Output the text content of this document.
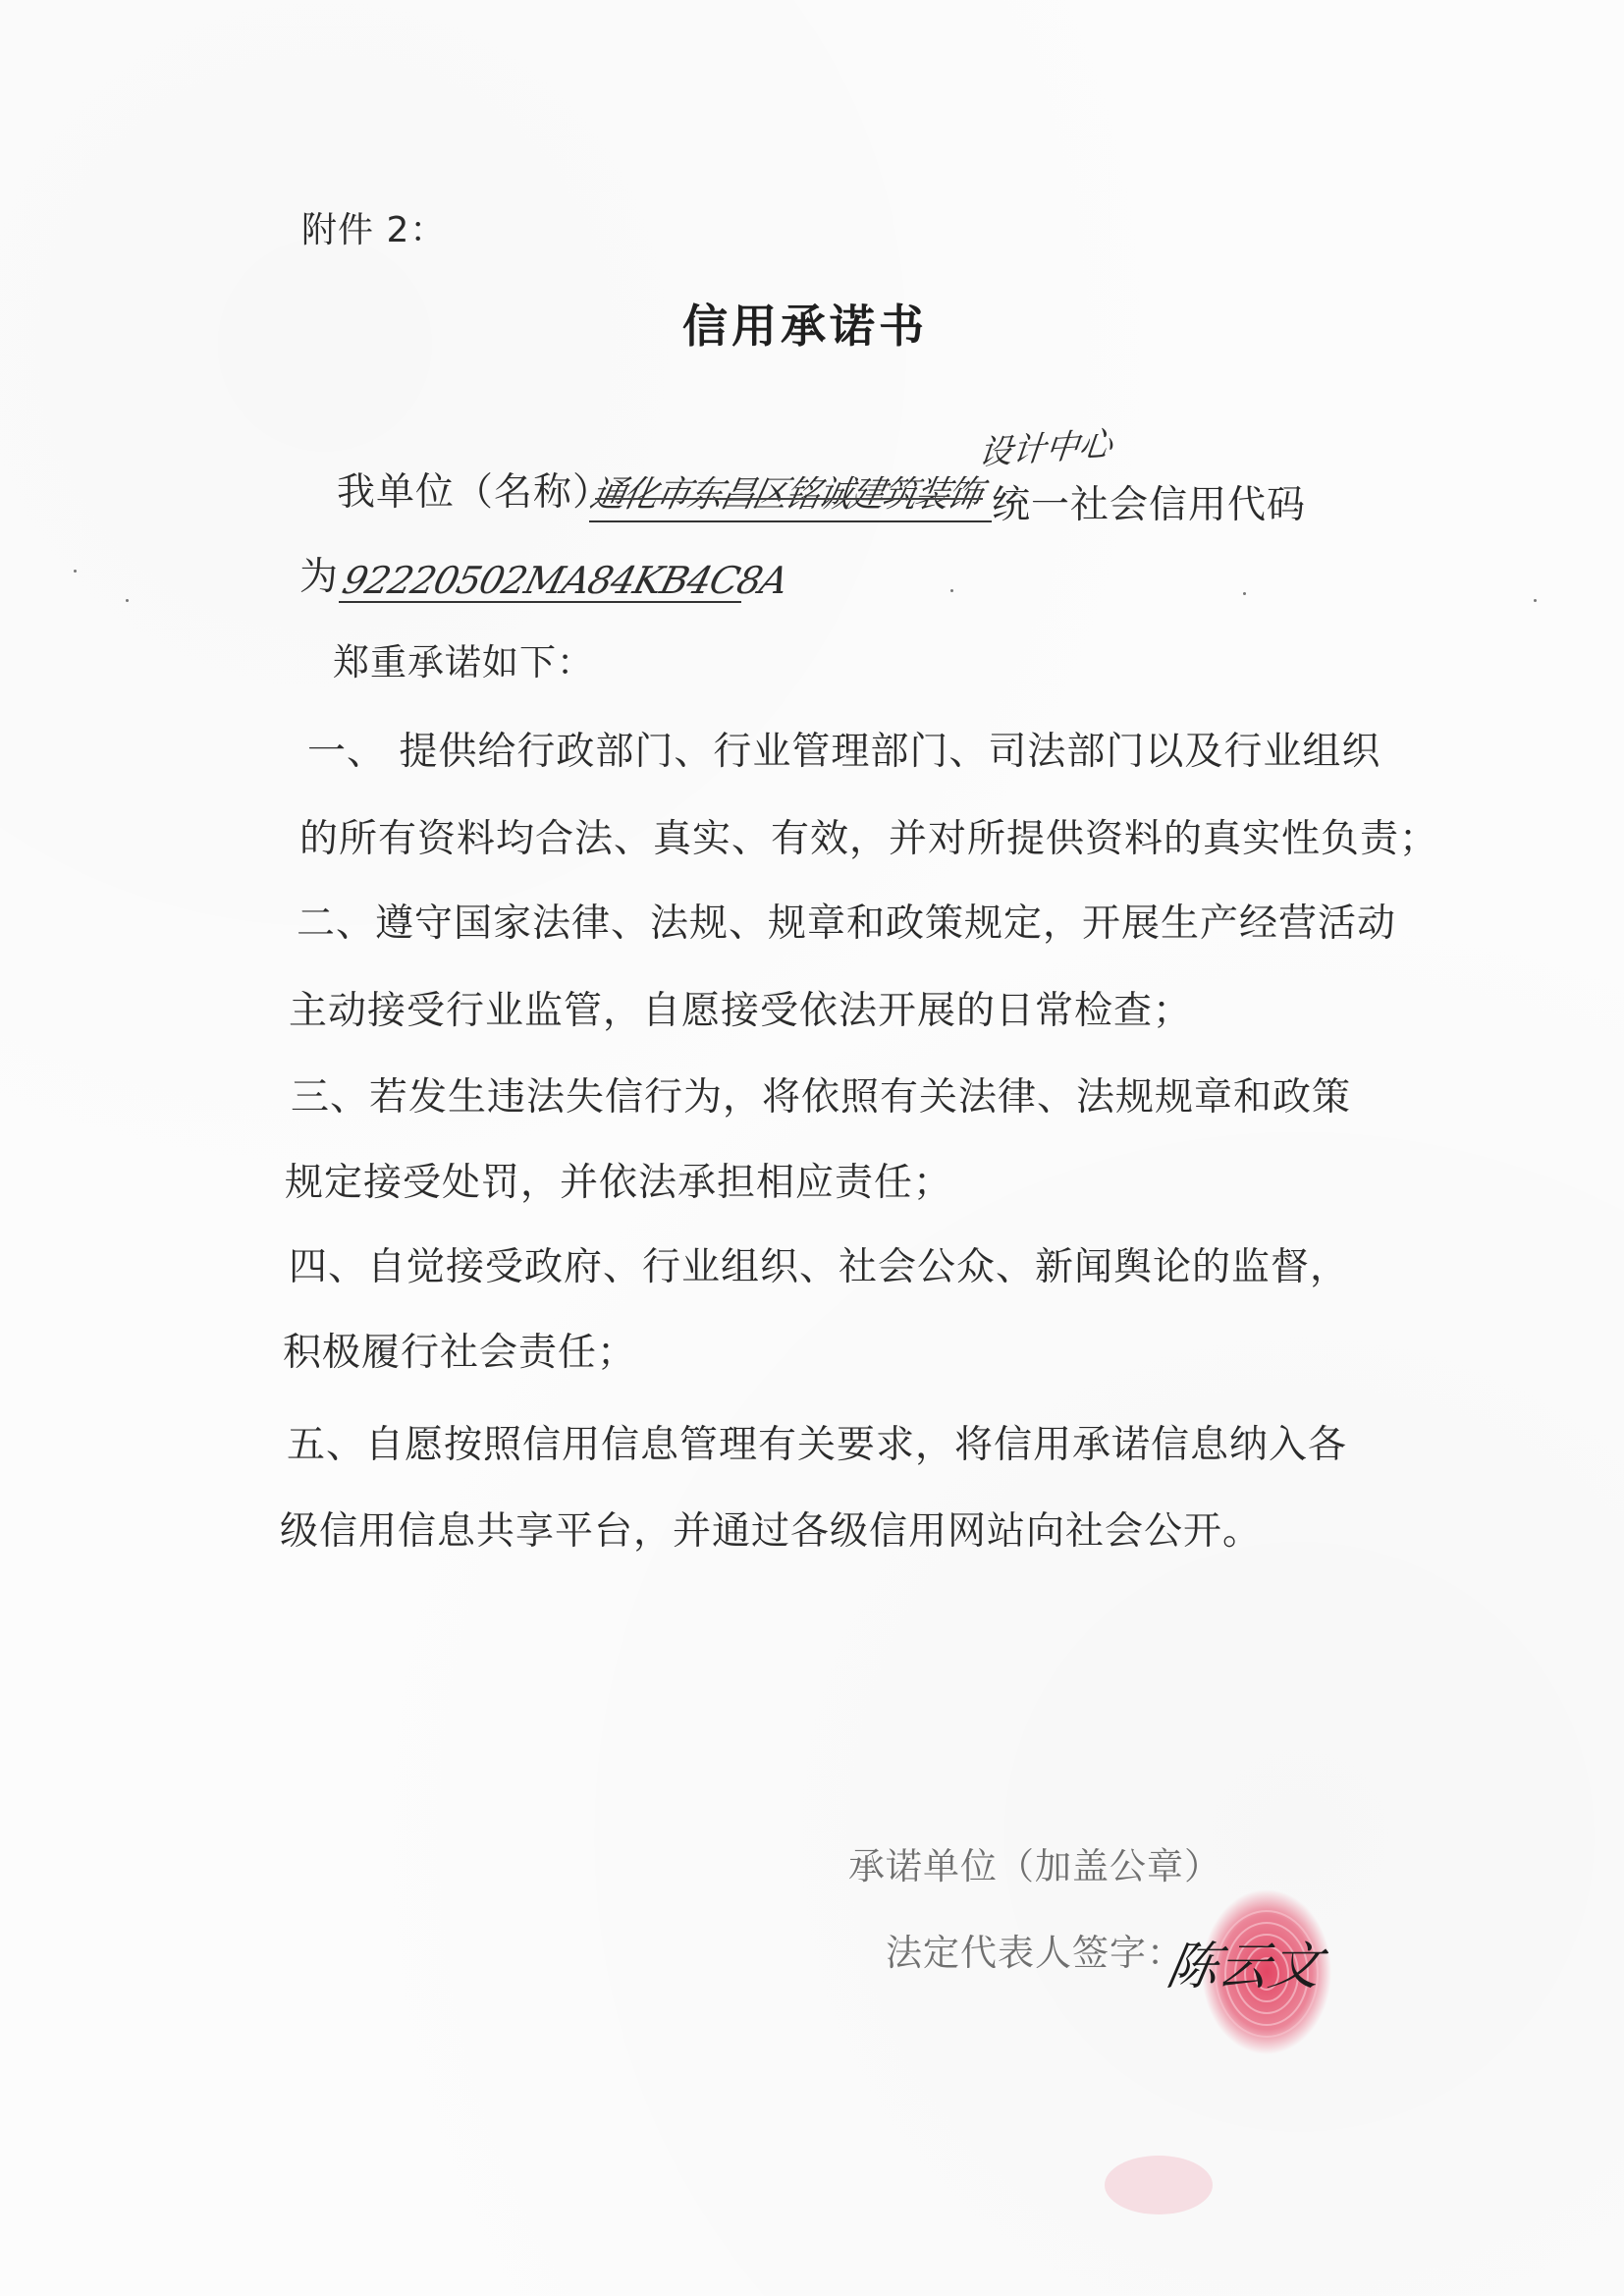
附件 2：
信用承诺书
我单位（名称）
设计中心
通化市东昌区铭诚建筑装饰 统一社会信用代码
为 92220502MA84KB4C8A
郑重承诺如下：
一、 提供给行政部门、行业管理部门、司法部门以及行业组织
的所有资料均合法、真实、有效，并对所提供资料的真实性负责；
二、遵守国家法律、法规、规章和政策规定，开展生产经营活动
主动接受行业监管，自愿接受依法开展的日常检查；
三、若发生违法失信行为，将依照有关法律、法规规章和政策
规定接受处罚，并依法承担相应责任；
四、自觉接受政府、行业组织、社会公众、新闻舆论的监督，
积极履行社会责任；
五、自愿按照信用信息管理有关要求，将信用承诺信息纳入各
级信用信息共享平台，并通过各级信用网站向社会公开。
承诺单位（加盖公章）
法定代表人签字：
陈云文
